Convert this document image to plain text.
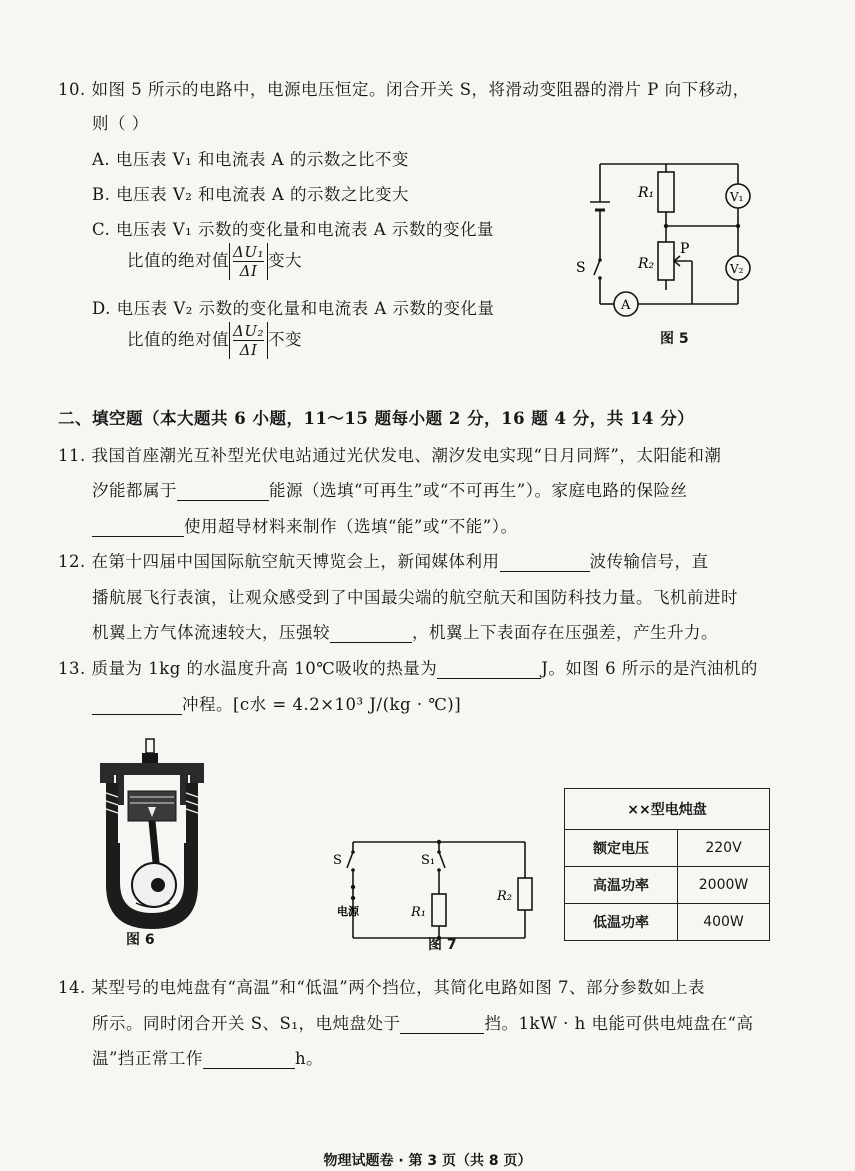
10. 如图 5 所示的电路中，电源电压恒定。闭合开关 S，将滑动变阻器的滑片 P 向下移动，
则（ ）
A. 电压表 V₁ 和电流表 A 的示数之比不变
B. 电压表 V₂ 和电流表 A 的示数之比变大
C. 电压表 V₁ 示数的变化量和电流表 A 示数的变化量
比值的绝对值 $\frac{\text{ΔU₁}}{\Delta I}$ 变大
D. 电压表 V₂ 示数的变化量和电流表 A 示数的变化量
比值的绝对值 $\frac{\text{ΔU₂}}{\Delta I}$ 不变
R₁
R₂
P
S
V₁
V₂
A
图 5
二、填空题（本大题共 6 小题，11～15 题每小题 2 分，16 题 4 分，共 14 分）
11. 我国首座潮光互补型光伏电站通过光伏发电、潮汐发电实现“日月同辉”，太阳能和潮
汐能都属于	能源（选填“可再生”或“不可再生”）。家庭电路的保险丝
使用超导材料来制作（选填“能”或“不能”）。
12. 在第十四届中国国际航空航天博览会上，新闻媒体利用	波传输信号，直
播航展飞行表演，让观众感受到了中国最尖端的航空航天和国防科技力量。飞机前进时
机翼上方气体流速较大，压强较	，机翼上下表面存在压强差，产生升力。
13. 质量为 1kg 的水温度升高 10℃吸收的热量为	J。如图 6 所示的是汽油机的
冲程。[c水 = 4.2×10³ J/(kg · ℃)]
图 6
S	S₁
电源	R₁
R₂
图 7
××型电炖盘	
额定电压	220V
高温功率	2000W
低温功率	400W
14. 某型号的电炖盘有“高温”和“低温”两个挡位，其简化电路如图 7、部分参数如上表
所示。同时闭合开关 S、S₁，电炖盘处于	挡。1kW · h 电能可供电炖盘在“高
温”挡正常工作	h。
物理试题卷 · 第 3 页（共 8 页）
